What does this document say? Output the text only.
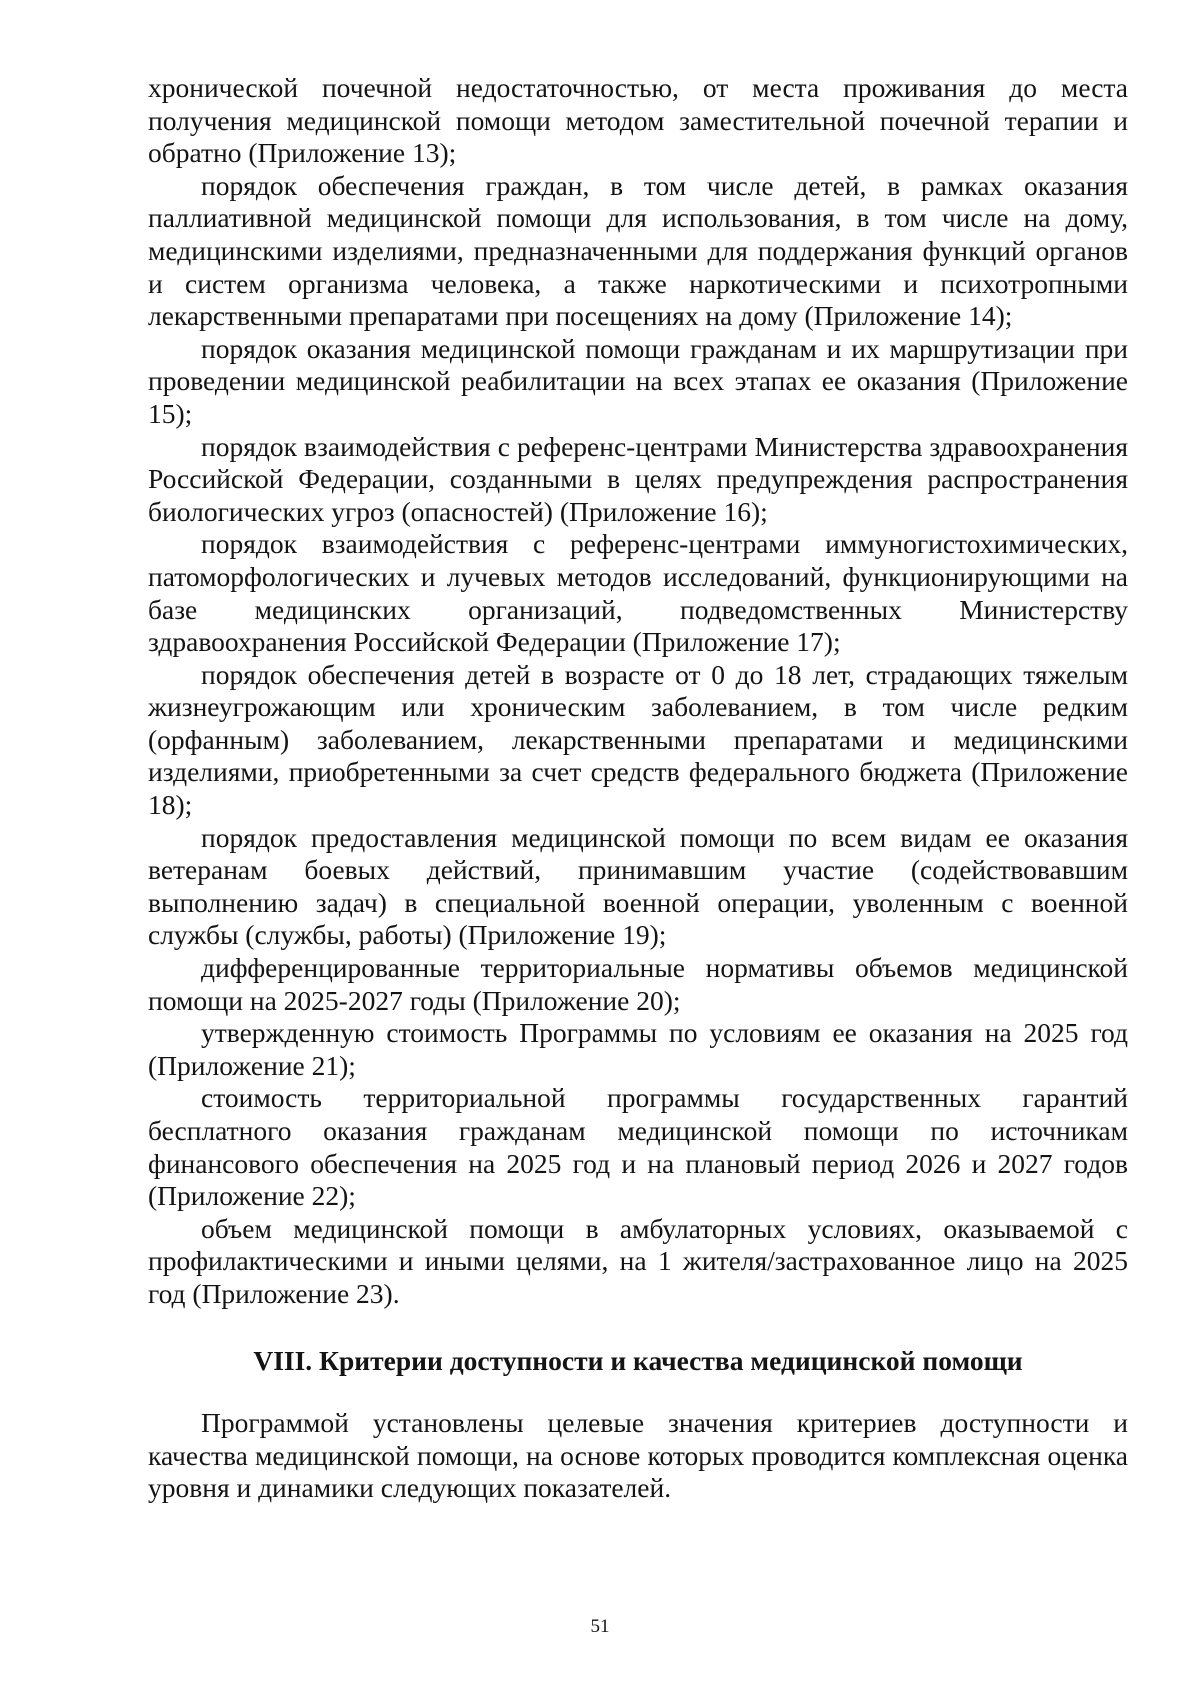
хронической почечной недостаточностью, от места проживания до места получения медицинской помощи методом заместительной почечной терапии и обратно (Приложение 13);

порядок обеспечения граждан, в том числе детей, в рамках оказания паллиативной медицинской помощи для использования, в том числе на дому, медицинскими изделиями, предназначенными для поддержания функций органов и систем организма человека, а также наркотическими и психотропными лекарственными препаратами при посещениях на дому (Приложение 14);

порядок оказания медицинской помощи гражданам и их маршрутизации при проведении медицинской реабилитации на всех этапах ее оказания (Приложение 15);

порядок взаимодействия с референс-центрами Министерства здравоохранения Российской Федерации, созданными в целях предупреждения распространения биологических угроз (опасностей) (Приложение 16);

порядок взаимодействия с референс-центрами иммуногистохимических, патоморфологических и лучевых методов исследований, функционирующими на базе медицинских организаций, подведомственных Министерству здравоохранения Российской Федерации (Приложение 17);

порядок обеспечения детей в возрасте от 0 до 18 лет, страдающих тяжелым жизнеугрожающим или хроническим заболеванием, в том числе редким (орфанным) заболеванием, лекарственными препаратами и медицинскими изделиями, приобретенными за счет средств федерального бюджета (Приложение 18);

порядок предоставления медицинской помощи по всем видам ее оказания ветеранам боевых действий, принимавшим участие (содействовавшим выполнению задач) в специальной военной операции, уволенным с военной службы (службы, работы) (Приложение 19);

дифференцированные территориальные нормативы объемов медицинской помощи на 2025-2027 годы (Приложение 20);

утвержденную стоимость Программы по условиям ее оказания на 2025 год (Приложение 21);

стоимость территориальной программы государственных гарантий бесплатного оказания гражданам медицинской помощи по источникам финансового обеспечения на 2025 год и на плановый период 2026 и 2027 годов (Приложение 22);

объем медицинской помощи в амбулаторных условиях, оказываемой с профилактическими и иными целями, на 1 жителя/застрахованное лицо на 2025 год (Приложение 23).

VIII. Критерии доступности и качества медицинской помощи

Программой установлены целевые значения критериев доступности и качества медицинской помощи, на основе которых проводится комплексная оценка уровня и динамики следующих показателей.

51
